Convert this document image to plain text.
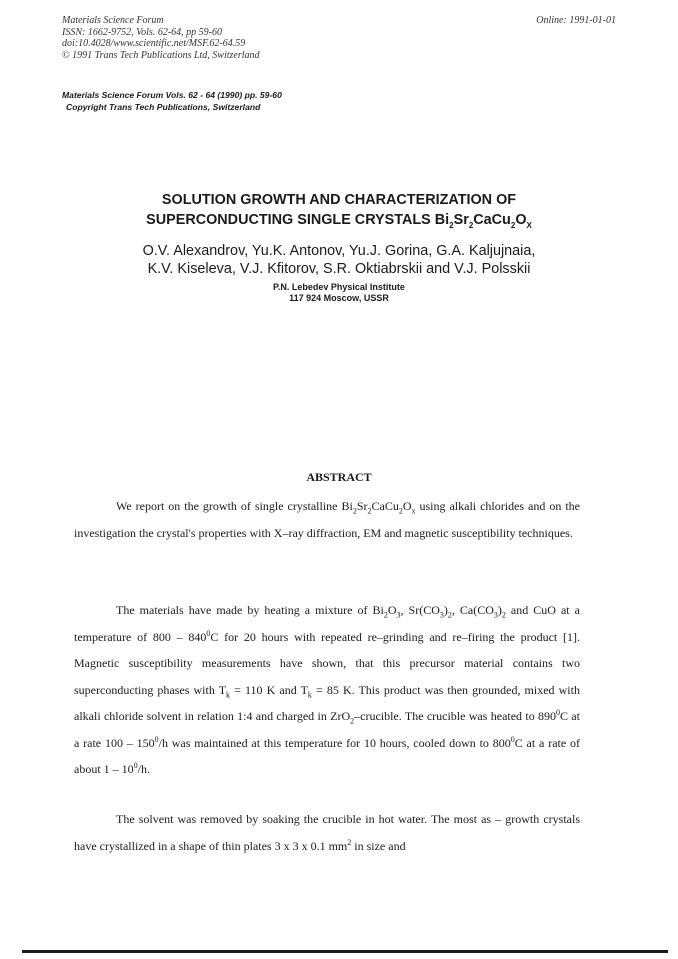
Materials Science Forum
ISSN: 1662-9752, Vols. 62-64, pp 59-60
doi:10.4028/www.scientific.net/MSF.62-64.59
© 1991 Trans Tech Publications Ltd, Switzerland
Online: 1991-01-01
Materials Science Forum Vols. 62 - 64 (1990) pp. 59-60
Copyright Trans Tech Publications, Switzerland
SOLUTION GROWTH AND CHARACTERIZATION OF
SUPERCONDUCTING SINGLE CRYSTALS $Bi_2Sr_2CaCu_2O_X$
O.V. Alexandrov, Yu.K. Antonov, Yu.J. Gorina, G.A. Kaljujnaia,
K.V. Kiseleva, V.J. Kfitorov, S.R. Oktiabrskii and V.J. Polsskii
P.N. Lebedev Physical Institute
117 924 Moscow, USSR
ABSTRACT

We report on the growth of single crystalline $Bi_2Sr_2CaCu_2O_x$ using alkali chlorides and on the investigation the crystal's properties with X–ray diffraction, EM and magnetic susceptibility techniques.

The materials have made by heating a mixture of $Bi_2O_3$, $Sr(CO_3)_2$, $Ca(CO_3)_2$ and CuO at a temperature of $800 - 840^0C$ for 20 hours with repeated re–grinding and re–firing the product [1]. Magnetic susceptibility measurements have shown, that this precursor material contains two superconducting phases with $T_k = 110$ K and $T_k = 85$ K. This product was then grounded, mixed with alkali chloride solvent in relation 1:4 and charged in ZrO$_2$–crucible. The crucible was heated to $890^0C$ at a rate $100 - 150^0/h$ was maintained at this temperature for 10 hours, cooled down to $800^0C$ at a rate of about $1 - 10^0/h$.

The solvent was removed by soaking the crucible in hot water. The most as – growth crystals have crystallized in a shape of thin plates 3 x 3 x 0.1 $mm^2$ in size and
